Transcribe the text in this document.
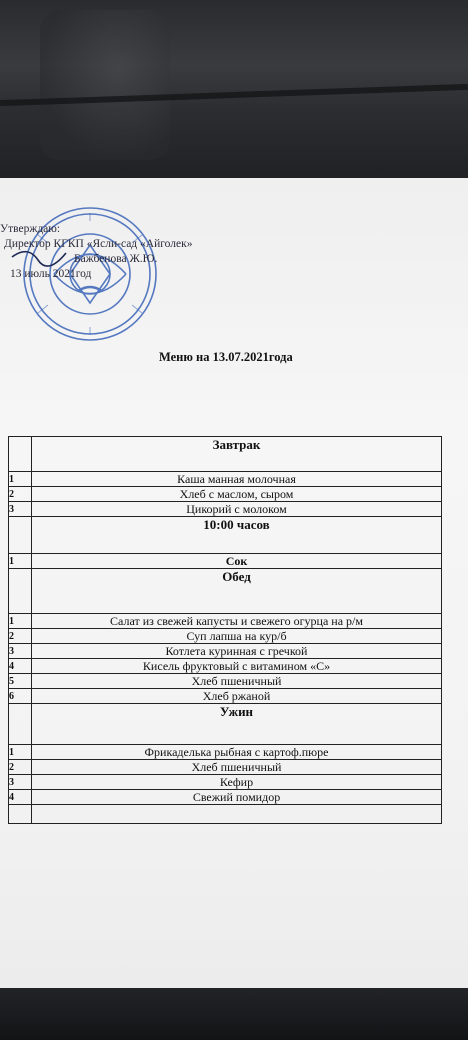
Утверждаю:
Директор КГКП «Ясли-сад «Айголек»
Бажбенова Ж.Ю.
13 июль 2021год
Меню на 13.07.2021года
	Завтрак
1	Каша манная молочная
2	Хлеб с маслом, сыром
3	Цикорий с молоком
	10:00 часов
1	Сок
	Обед
1	Салат из свежей капусты и свежего огурца на р/м
2	Суп лапша на кур/б
3	Котлета куринная с гречкой
4	Кисель фруктовый с витамином «С»
5	Хлеб пшеничный
6	Хлеб ржаной
	Ужин
1	Фрикаделька рыбная с картоф.пюре
2	Хлеб пшеничный
3	Кефир
4	Свежий помидор
